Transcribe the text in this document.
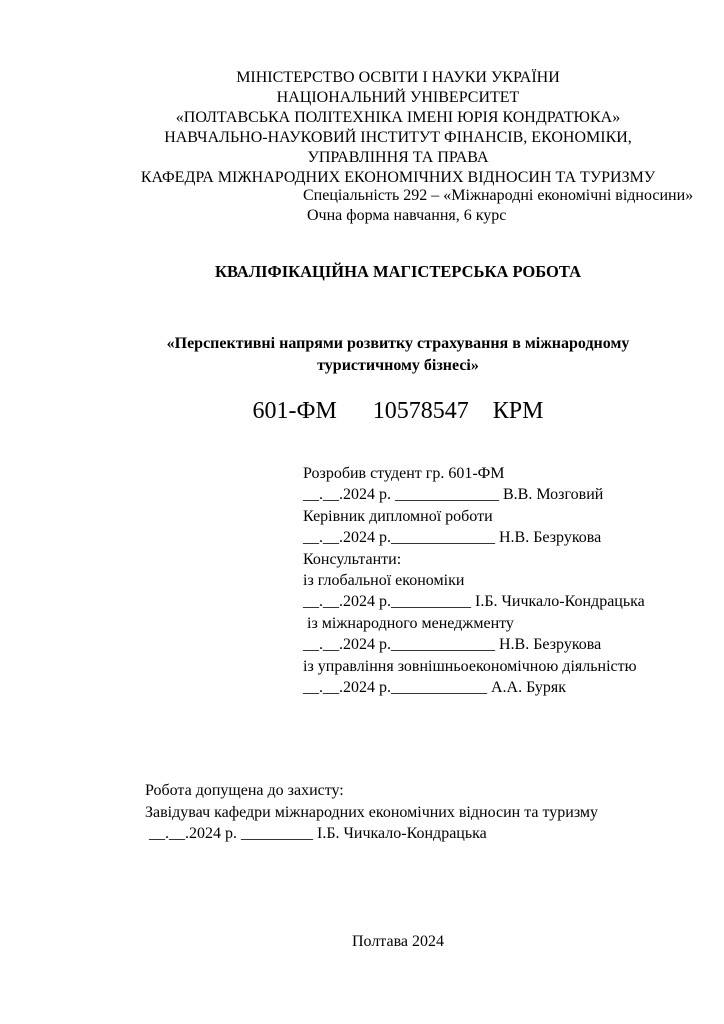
МІНІСТЕРСТВО ОСВІТИ І НАУКИ УКРАЇНИ
НАЦІОНАЛЬНИЙ УНІВЕРСИТЕТ
«ПОЛТАВСЬКА ПОЛІТЕХНІКА ІМЕНІ ЮРІЯ КОНДРАТЮКА»
НАВЧАЛЬНО-НАУКОВИЙ ІНСТИТУТ ФІНАНСІВ, ЕКОНОМІКИ,
УПРАВЛІННЯ ТА ПРАВА
КАФЕДРА МІЖНАРОДНИХ ЕКОНОМІЧНИХ ВІДНОСИН ТА ТУРИЗМУ
Спеціальність 292 – «Міжнародні економічні відносини»
Очна форма навчання, 6 курс
КВАЛІФІКАЦІЙНА МАГІСТЕРСЬКА РОБОТА
«Перспективні напрями розвитку страхування в міжнародному туристичному бізнесі»
601-ФМ      10578547    КРМ
Розробив студент гр. 601-ФМ
__.__.2024 р. _____________ В.В. Мозговий
Керівник дипломної роботи
__.__.2024 р._____________ Н.В. Безрукова
Консультанти:
із глобальної економіки
__.__.2024 р.__________ І.Б. Чичкало-Кондрацька
із міжнародного менеджменту
__.__.2024 р._____________ Н.В. Безрукова
із управління зовнішньоекономічною діяльністю
__.__.2024 р.____________ А.А. Буряк
Робота допущена до захисту:
Завідувач кафедри міжнародних економічних відносин та туризму
__.__.2024 р. _________ І.Б. Чичкало-Кондрацька
Полтава 2024
